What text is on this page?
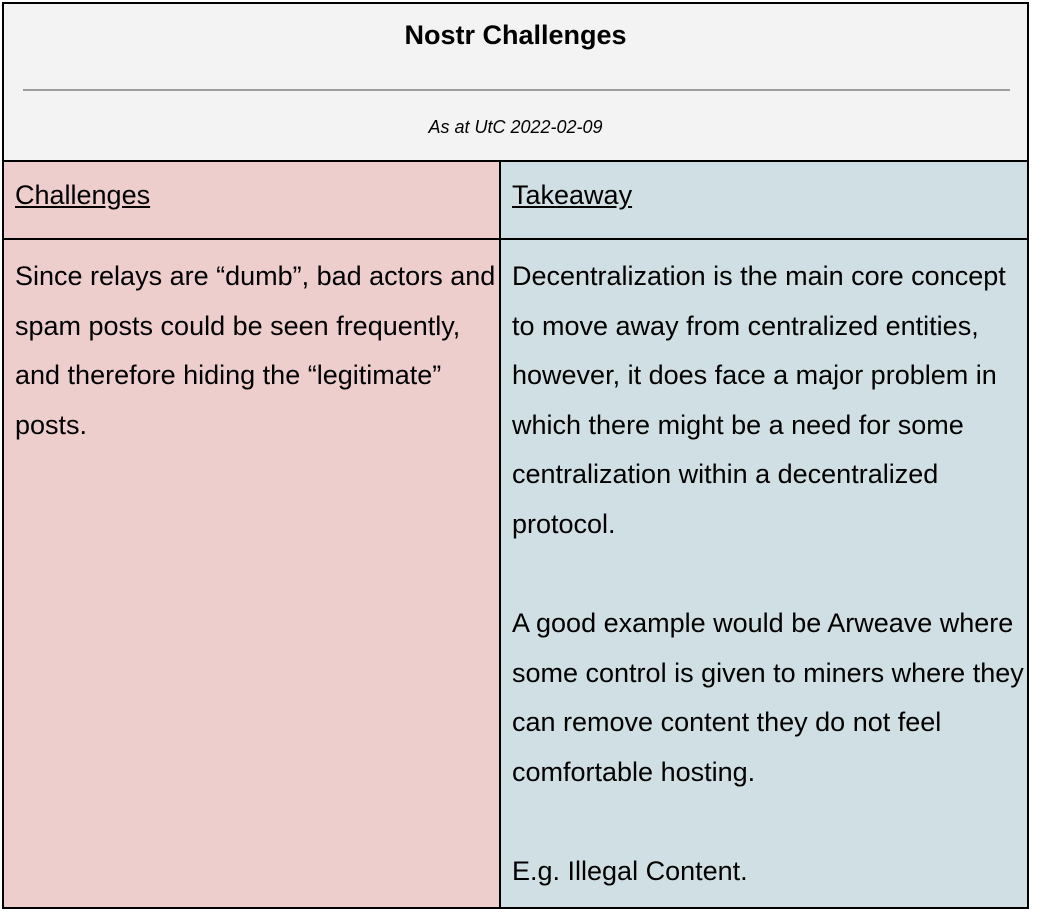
Nostr Challenges
As at UtC 2022-02-09
Challenges

Since relays are “dumb”, bad actors and spam posts could be seen frequently, and therefore hiding the “legitimate” posts.

Takeaway

Decentralization is the main core concept to move away from centralized entities, however, it does face a major problem in which there might be a need for some centralization within a decentralized protocol.

A good example would be Arweave where some control is given to miners where they can remove content they do not feel comfortable hosting.

E.g. Illegal Content.
